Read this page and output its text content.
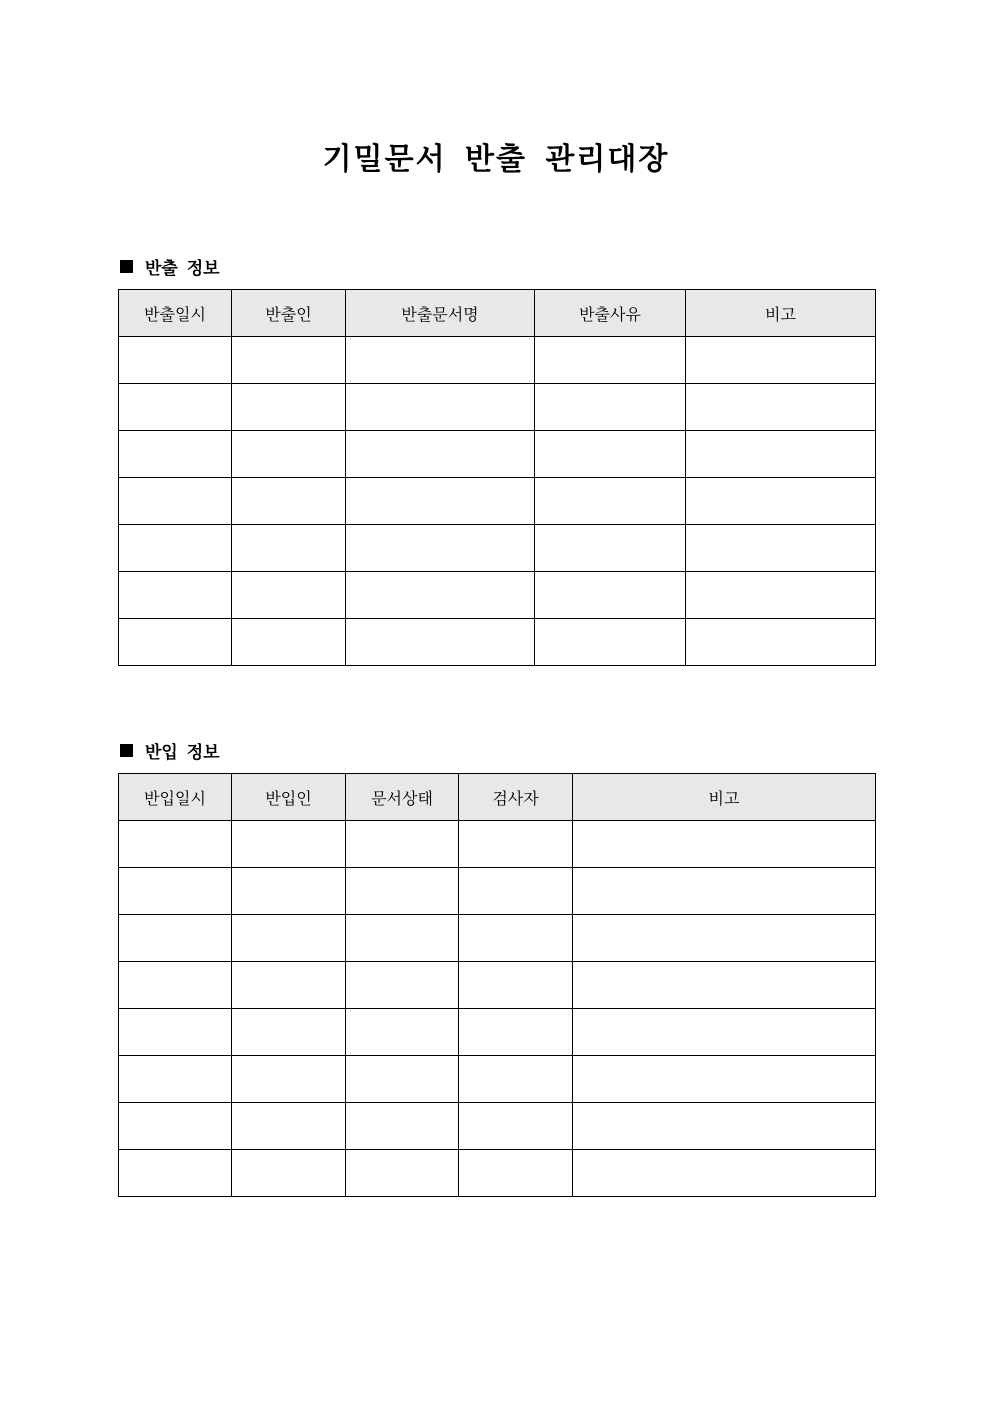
기밀문서 반출 관리대장
반출 정보
반출일시	반출인	반출문서명	반출사유	비고

반입 정보
반입일시	반입인	문서상태	검사자	비고
